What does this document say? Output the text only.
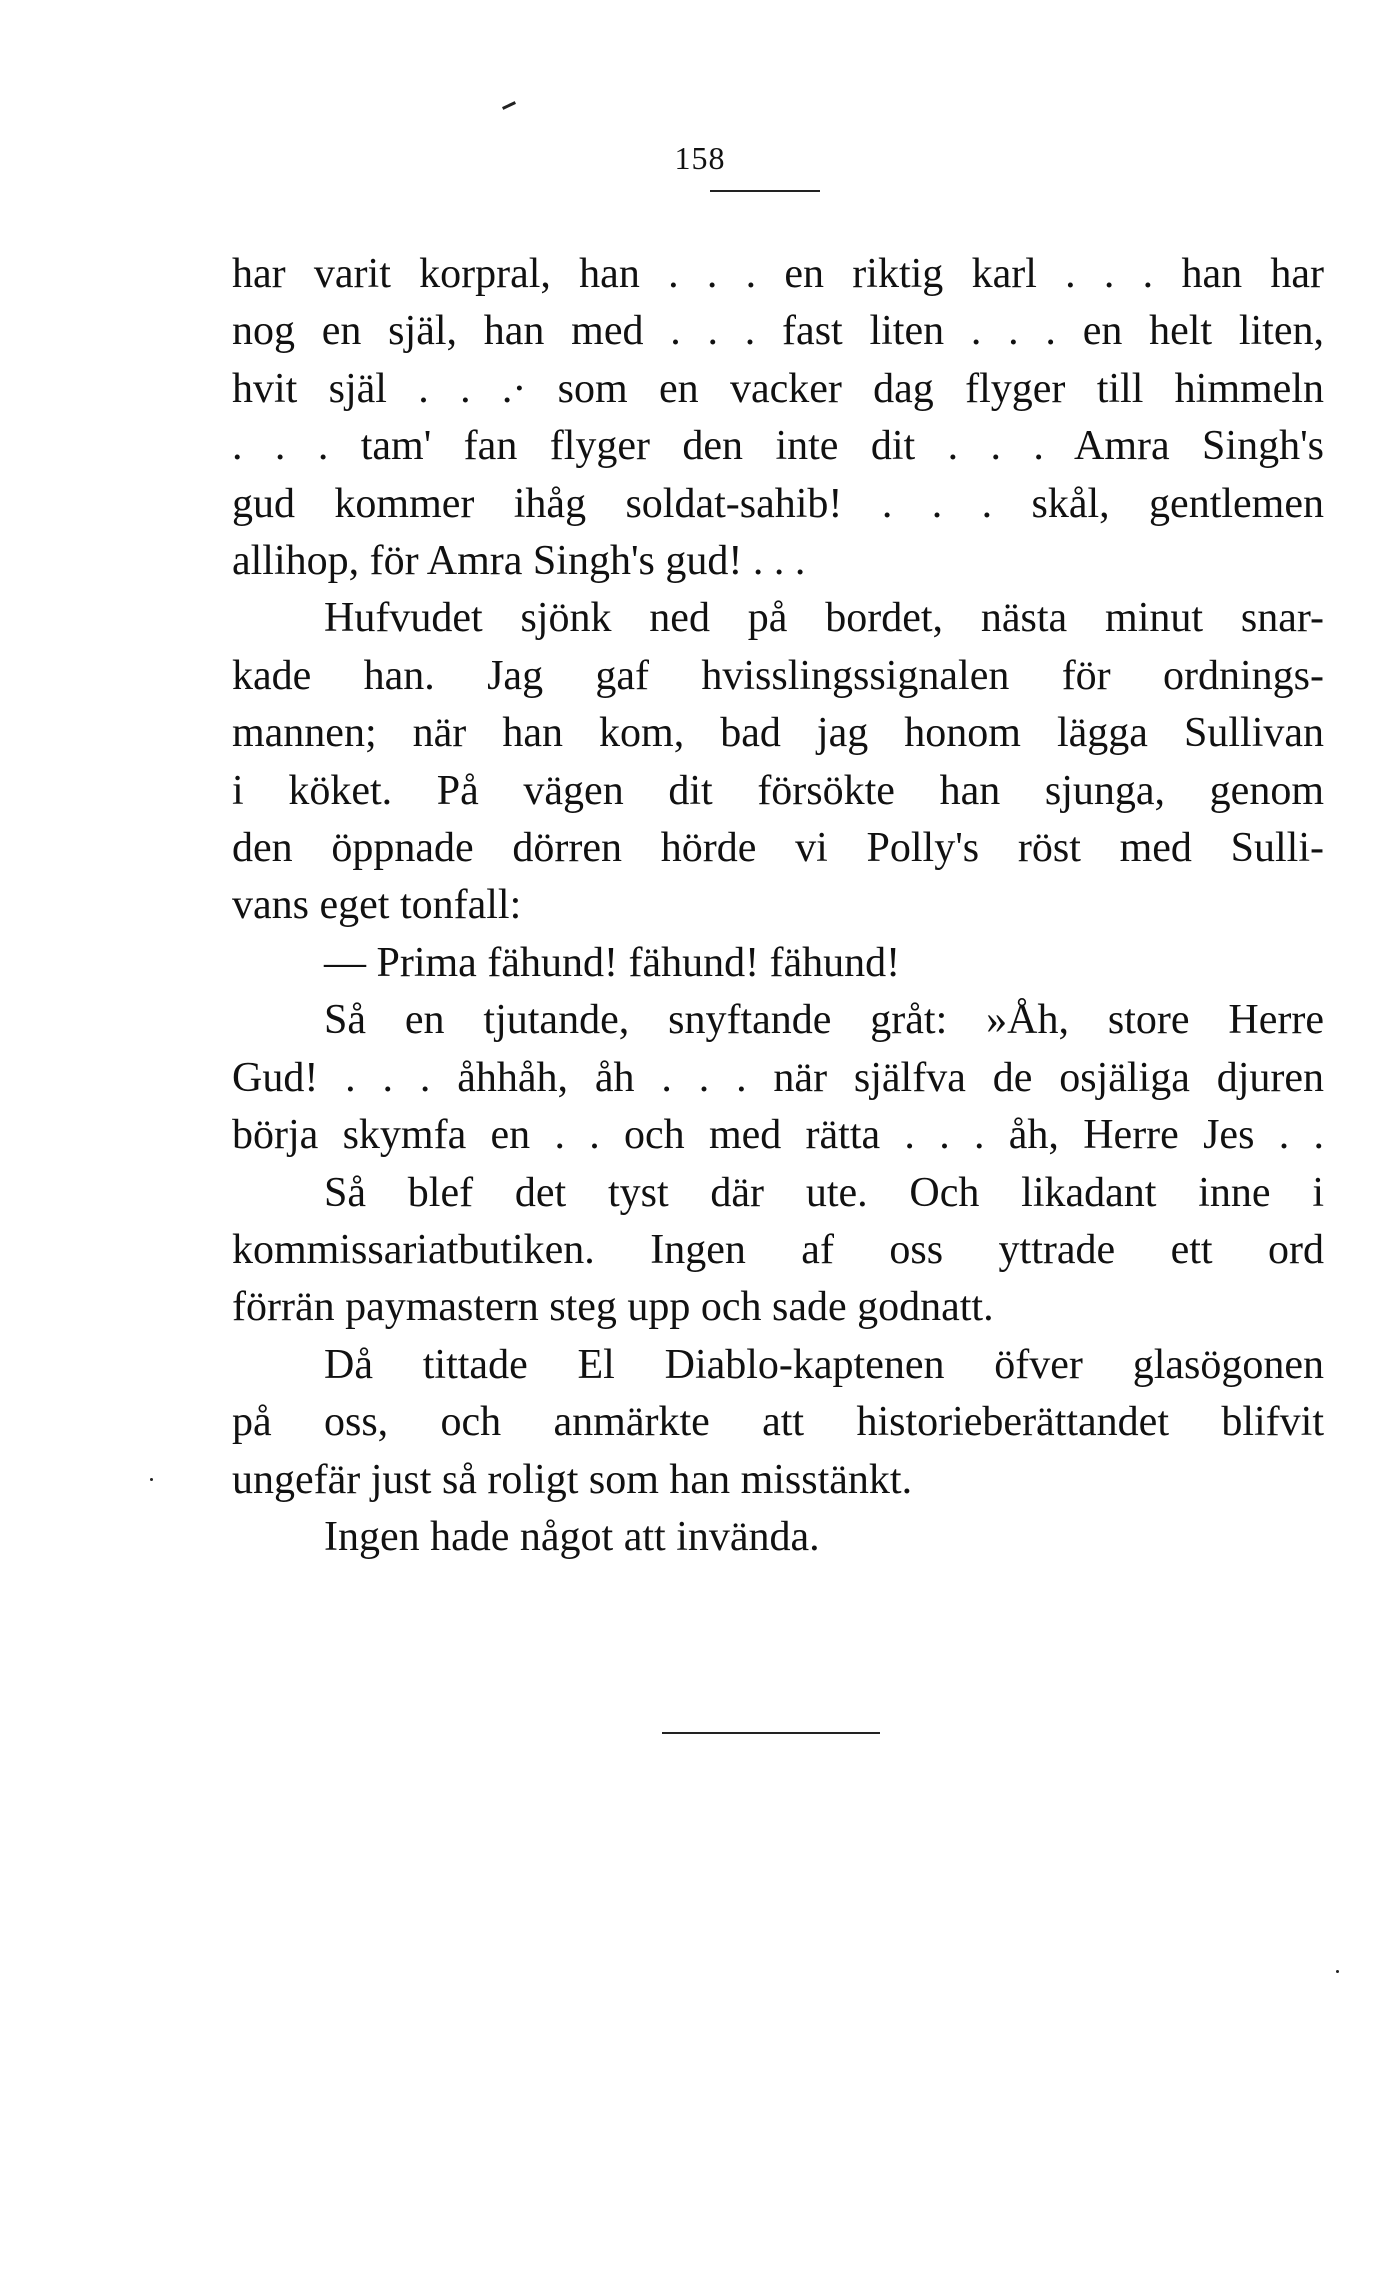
158
har varit korpral, han . . . en riktig karl . . . han har
nog en själ, han med . . . fast liten . . . en helt liten,
hvit själ . . .· som en vacker dag flyger till himmeln
. . . tam' fan flyger den inte dit . . . Amra Singh's
gud kommer ihåg soldat-sahib! . . . skål, gentlemen
allihop, för Amra Singh's gud! . . .
Hufvudet sjönk ned på bordet, nästa minut snar-
kade han. Jag gaf hvisslingssignalen för ordnings-
mannen; när han kom, bad jag honom lägga Sullivan
i köket. På vägen dit försökte han sjunga, genom
den öppnade dörren hörde vi Polly's röst med Sulli-
vans eget tonfall:
— Prima fähund! fähund! fähund!
Så en tjutande, snyftande gråt: »Åh, store Herre
Gud! . . . åhhåh, åh . . . när själfva de osjäliga djuren
börja skymfa en . . och med rätta . . . åh, Herre Jes . .
Så blef det tyst där ute. Och likadant inne i
kommissariatbutiken. Ingen af oss yttrade ett ord
förrän paymastern steg upp och sade godnatt.
Då tittade El Diablo-kaptenen öfver glasögonen
på oss, och anmärkte att historieberättandet blifvit
ungefär just så roligt som han misstänkt.
Ingen hade något att invända.
